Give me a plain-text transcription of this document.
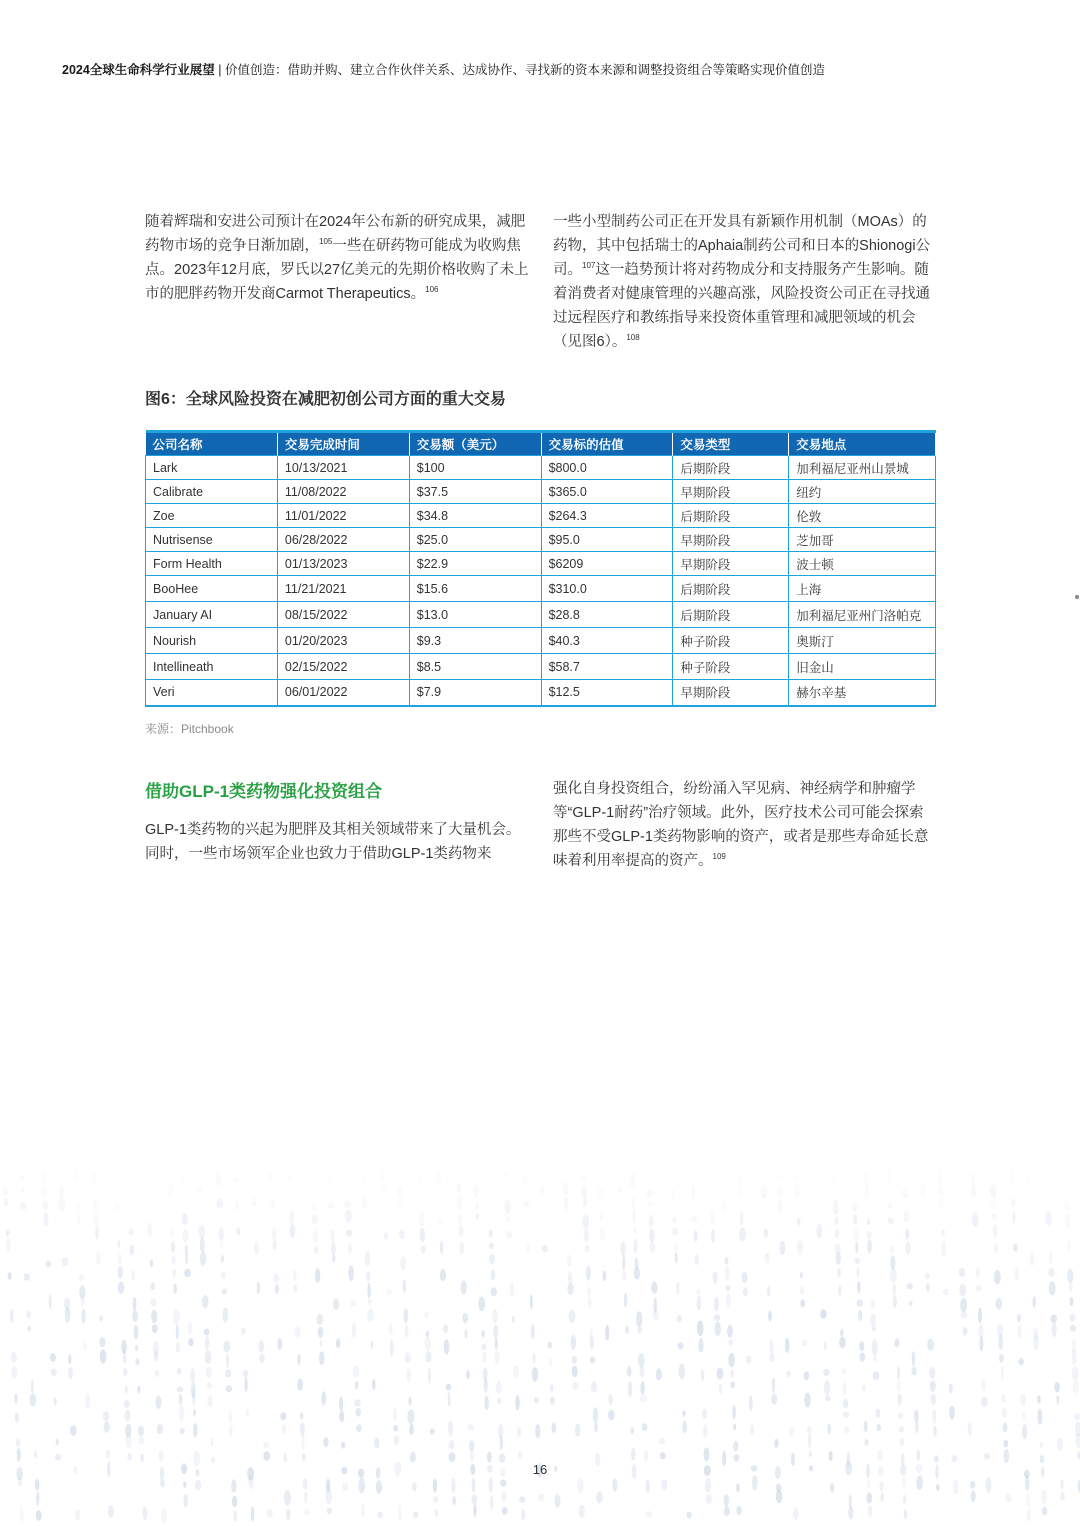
2024全球生命科学行业展望 | 价值创造：借助并购、建立合作伙伴关系、达成协作、寻找新的资本来源和调整投资组合等策略实现价值创造
随着辉瑞和安进公司预计在2024年公布新的研究成果，减肥药物市场的竞争日渐加剧，$^{105}$一些在研药物可能成为收购焦点。2023年12月底，罗氏以27亿美元的先期价格收购了未上市的肥胖药物开发商Carmot Therapeutics。$^{106}$
一些小型制药公司正在开发具有新颖作用机制（MOAs）的药物，其中包括瑞士的Aphaia制药公司和日本的Shionogi公司。$^{107}$这一趋势预计将对药物成分和支持服务产生影响。随着消费者对健康管理的兴趣高涨，风险投资公司正在寻找通过远程医疗和教练指导来投资体重管理和减肥领域的机会（见图6）。$^{108}$
图6：全球风险投资在减肥初创公司方面的重大交易
公司名称	交易完成时间	交易额（美元）	交易标的估值	交易类型	交易地点
Lark	10/13/2021	$100	$800.0	后期阶段	加利福尼亚州山景城
Calibrate	11/08/2022	$37.5	$365.0	早期阶段	纽约
Zoe	11/01/2022	$34.8	$264.3	后期阶段	伦敦
Nutrisense	06/28/2022	$25.0	$95.0	早期阶段	芝加哥
Form Health	01/13/2023	$22.9	$6209	早期阶段	波士顿
BooHee	11/21/2021	$15.6	$310.0	后期阶段	上海
January AI	08/15/2022	$13.0	$28.8	后期阶段	加利福尼亚州门洛帕克
Nourish	01/20/2023	$9.3	$40.3	种子阶段	奥斯汀
Intellineath	02/15/2022	$8.5	$58.7	种子阶段	旧金山
Veri	06/01/2022	$7.9	$12.5	早期阶段	赫尔辛基
来源：Pitchbook
借助GLP-1类药物强化投资组合
GLP-1类药物的兴起为肥胖及其相关领域带来了大量机会。同时，一些市场领军企业也致力于借助GLP-1类药物来
强化自身投资组合，纷纷涌入罕见病、神经病学和肿瘤学等“GLP-1耐药”治疗领域。此外，医疗技术公司可能会探索那些不受GLP-1类药物影响的资产，或者是那些寿命延长意味着利用率提高的资产。$^{109}$
16
